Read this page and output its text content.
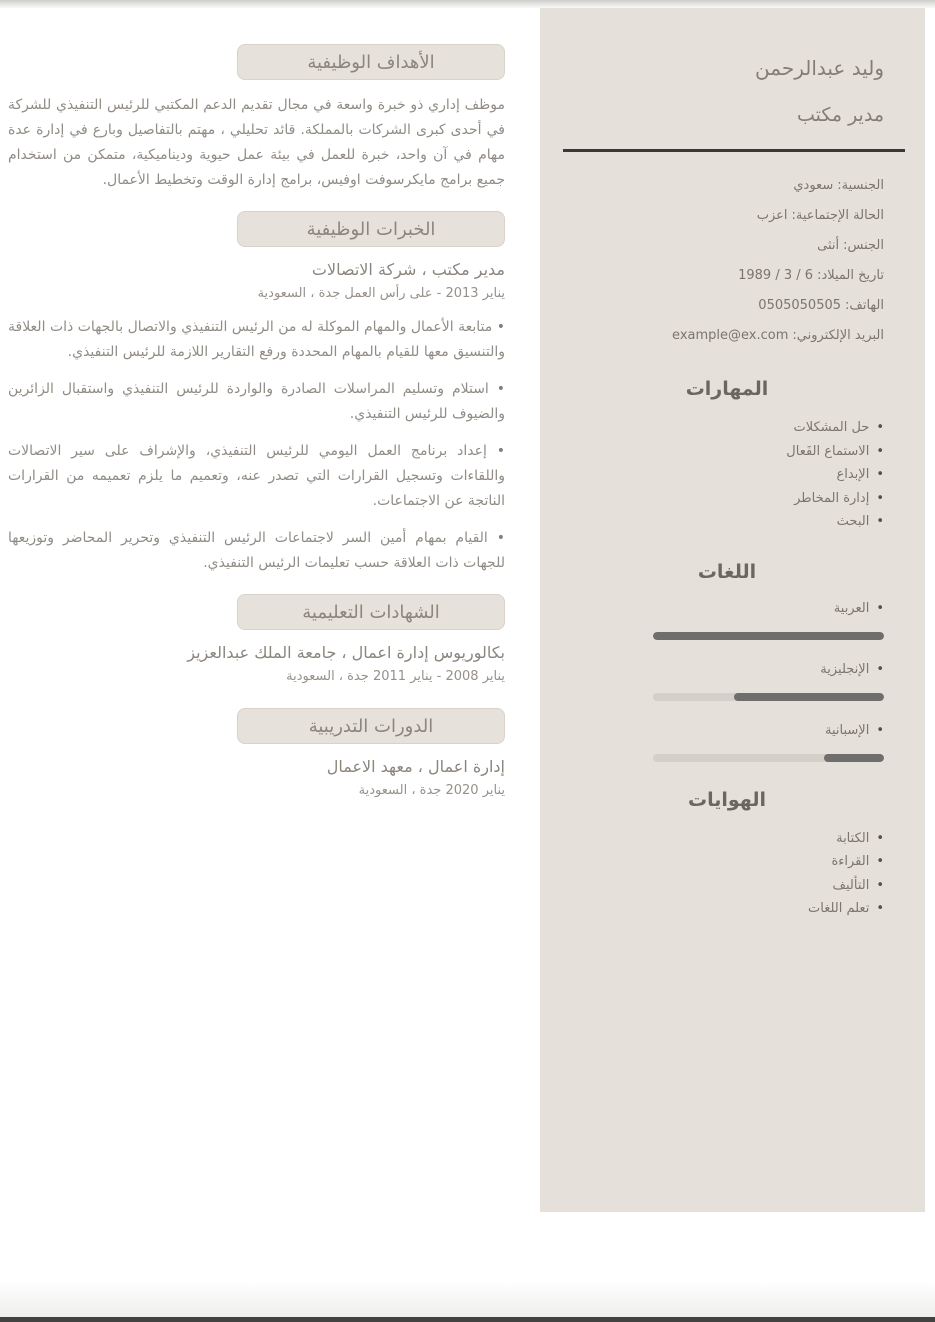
الأهداف الوظيفية

موظف إداري ذو خبرة واسعة في مجال تقديم الدعم المكتبي للرئيس التنفيذي للشركة في أحدى كبرى الشركات بالمملكة. قائد تحليلي ، مهتم بالتفاصيل وبارع في إدارة عدة مهام في آن واحد، خبرة للعمل في بيئة عمل حيوية وديناميكية، متمكن من استخدام جميع برامج مايكرسوفت اوفيس، برامج إدارة الوقت وتخطيط الأعمال.

الخبرات الوظيفية
مدير مكتب ، شركة الاتصالات
يناير 2013 - على رأس العمل جدة ، السعودية

• متابعة الأعمال والمهام الموكلة له من الرئيس التنفيذي والاتصال بالجهات ذات العلاقة والتنسيق معها للقيام بالمهام المحددة ورفع التقارير اللازمة للرئيس التنفيذي.

• استلام وتسليم المراسلات الصادرة والواردة للرئيس التنفيذي واستقبال الزائرين والضيوف للرئيس التنفيذي.

• إعداد برنامج العمل اليومي للرئيس التنفيذي، والإشراف على سير الاتصالات واللقاءات وتسجيل القرارات التي تصدر عنه، وتعميم ما يلزم تعميمه من القرارات الناتجة عن الاجتماعات.

• القيام بمهام أمين السر لاجتماعات الرئيس التنفيذي وتحرير المحاضر وتوزيعها للجهات ذات العلاقة حسب تعليمات الرئيس التنفيذي.

الشهادات التعليمية
بكالوريوس إدارة اعمال ، جامعة الملك عبدالعزيز
يناير 2008 - يناير 2011 جدة ، السعودية
الدورات التدريبية
إدارة اعمال ، معهد الاعمال
يناير 2020 جدة ، السعودية
وليد عبدالرحمن
مدير مكتب
الجنسية:سعودي
الحالة الإجتماعية:اعزب
الجنس:أنثى
تاريخ الميلاد:6 / 3 / 1989
الهاتف:0505050505
البريد الإلكتروني:example@ex.com
المهارات
• حل المشكلات
• الاستماع الفَعال
• الإبداع
• إدارة المخاطر
• البحث
اللغات
• العربية
• الإنجليزية
• الإسبانية
الهوايات
• الكتابة
• القراءة
• التأليف
• تعلم اللغات
